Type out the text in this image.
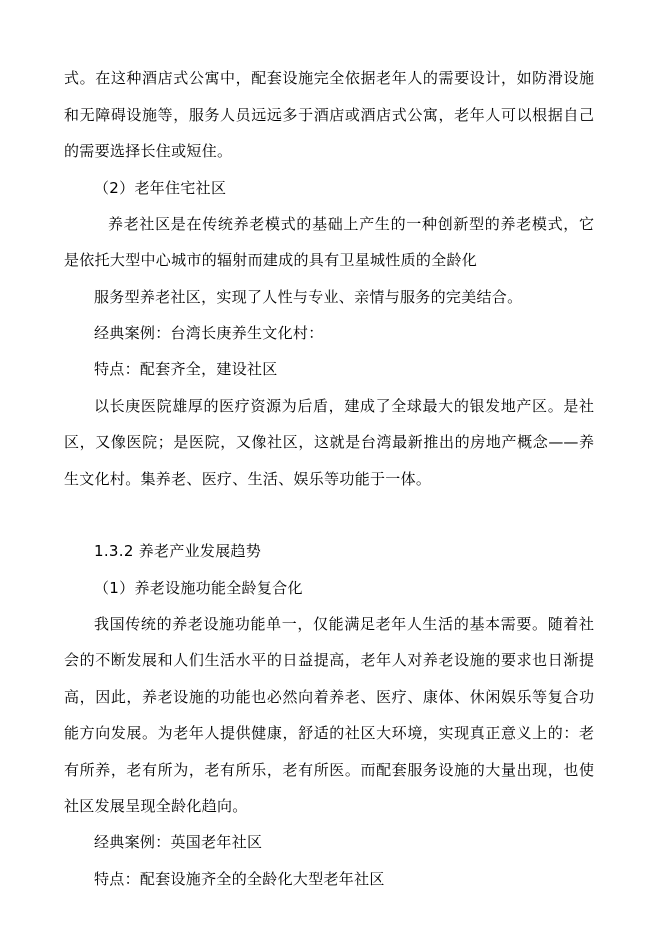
式。在这种酒店式公寓中，配套设施完全依据老年人的需要设计，如防滑设施
和无障碍设施等，服务人员远远多于酒店或酒店式公寓，老年人可以根据自己
的需要选择长住或短住。
（2）老年住宅社区
养老社区是在传统养老模式的基础上产生的一种创新型的养老模式，它
是依托大型中心城市的辐射而建成的具有卫星城性质的全龄化
服务型养老社区，实现了人性与专业、亲情与服务的完美结合。
经典案例：台湾长庚养生文化村：
特点：配套齐全，建设社区
以长庚医院雄厚的医疗资源为后盾，建成了全球最大的银发地产区。是社
区，又像医院；是医院，又像社区，这就是台湾最新推出的房地产概念——养
生文化村。集养老、医疗、生活、娱乐等功能于一体。
1.3.2 养老产业发展趋势
（1）养老设施功能全龄复合化
我国传统的养老设施功能单一，仅能满足老年人生活的基本需要。随着社
会的不断发展和人们生活水平的日益提高，老年人对养老设施的要求也日渐提
高，因此，养老设施的功能也必然向着养老、医疗、康体、休闲娱乐等复合功
能方向发展。为老年人提供健康，舒适的社区大环境，实现真正意义上的：老
有所养，老有所为，老有所乐，老有所医。而配套服务设施的大量出现，也使
社区发展呈现全龄化趋向。
经典案例：英国老年社区
特点：配套设施齐全的全龄化大型老年社区
